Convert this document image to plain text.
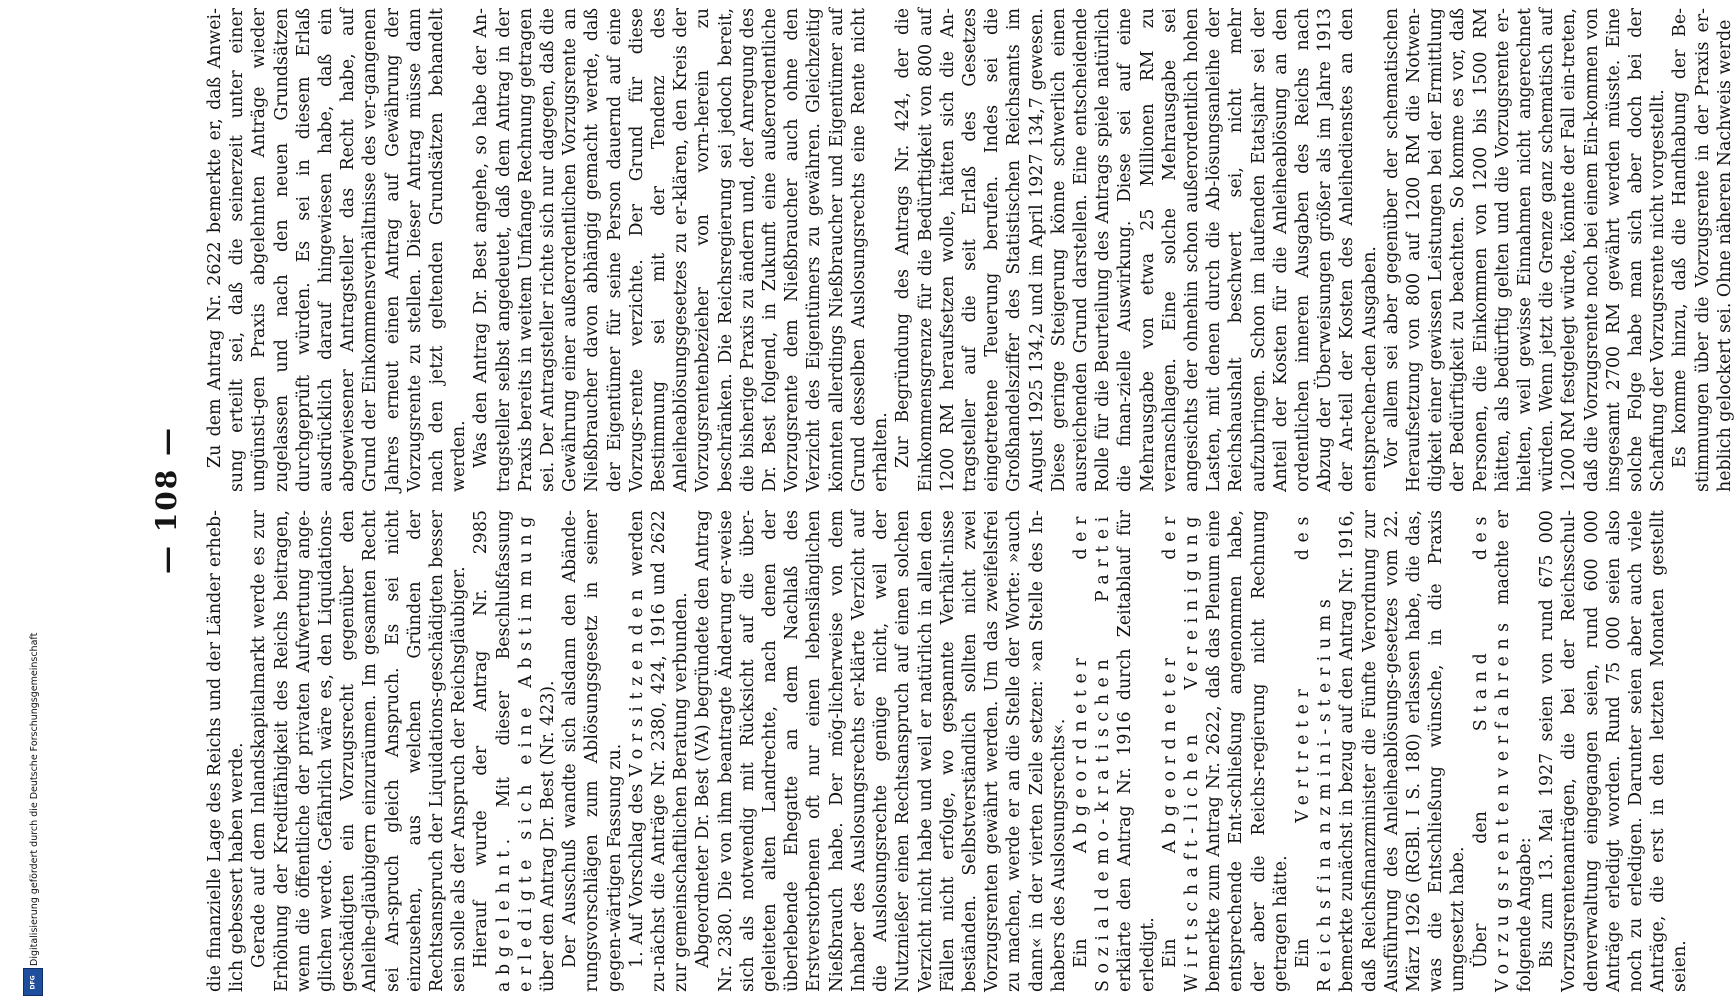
— 108 —

die finanzielle Lage des Reichs und der Länder erheb-lich gebessert haben werde. Gerade auf dem Inlandskapitalmarkt werde es zur Erhöhung der Kreditfähigkeit des Reichs beitragen, wenn die öffentliche der privaten Aufwertung ange-glichen werde. Gefährlich wäre es, den Liquidations-geschädigten ein Vorzugsrecht gegenüber den Anleihe-gläubigern einzuräumen. Im gesamten Recht sei An-spruch gleich Anspruch. Es sei nicht einzusehen, aus welchen Gründen der Rechtsanspruch der Liquidations-geschädigten besser sein solle als der Anspruch der Reichsgläubiger. Hierauf wurde der Antrag Nr. 2985 abgelehnt. Mit dieser Beschlußfassung erledigte sich eine Abstimmung über den Antrag Dr. Best (Nr. 423). Der Ausschuß wandte sich alsdann den Abände-rungsvorschlägen zum Ablösungsgesetz in seiner gegen-wärtigen Fassung zu. 1. Auf Vorschlag des Vorsitzenden werden zu-nächst die Anträge Nr. 2380, 424, 1916 und 2622 zur gemeinschaftlichen Beratung verbunden. Abgeordneter Dr. Best (VA) begründete den Antrag Nr. 2380. Die von ihm beantragte Änderung er-weise sich als notwendig mit Rücksicht auf die über-geleiteten alten Landrechte, nach denen der überlebende Ehegatte an dem Nachlaß des Erstverstorbenen oft nur einen lebenslänglichen Nießbrauch habe. Der mög-licherweise von dem Inhaber des Auslosungsrechts er-klärte Verzicht auf die Auslosungsrechte genüge nicht, weil der Nutznießer einen Rechtsanspruch auf einen solchen Verzicht nicht habe und weil er natürlich in allen den Fällen nicht erfolge, wo gespannte Verhält-nisse beständen. Selbstverständlich sollten nicht zwei Vorzugsrenten gewährt werden. Um das zweifelsfrei zu machen, werde er an die Stelle der Worte: »auch dann« in der vierten Zeile setzen: »an Stelle des In-habers des Auslosungsrechts«. Ein Abgeordneter der Sozialdemo-kratischen Partei erklärte den Antrag Nr. 1916 durch Zeitablauf für erledigt. Ein Abgeordneter der Wirtschaft-lichen Vereinigung bemerkte zum Antrag Nr. 2622, daß das Plenum eine entsprechende Ent-schließung angenommen habe, der aber die Reichs-regierung nicht Rechnung getragen hätte. Ein Vertreter des Reichsfinanzmini-steriums bemerkte zunächst in bezug auf den Antrag Nr. 1916, daß Reichsfinanzminister die Fünfte Verordnung zur Ausführung des Anleiheablösungs-gesetzes vom 22. März 1926 (RGBl. I S. 180) erlassen habe, die das, was die Entschließung wünsche, in die Praxis umgesetzt habe. Über den Stand des Vorzugsrentenverfahrens machte er folgende Angabe: Bis zum 13. Mai 1927 seien von rund 675 000 Vorzugsrentenanträgen, die bei der Reichsschul-denverwaltung eingegangen seien, rund 600 000 Anträge erledigt worden. Rund 75 000 seien also noch zu erledigen. Darunter seien aber auch viele Anträge, die erst in den letzten Monaten gestellt seien.

Zu dem Antrag Nr. 2622 bemerkte er, daß Anwei-sung erteilt sei, daß die seinerzeit unter einer ungünsti-gen Praxis abgelehnten Anträge wieder zugelassen und nach den neuen Grundsätzen durchgeprüft würden. Es sei in diesem Erlaß ausdrücklich darauf hingewiesen habe, daß ein abgewiesener Antragsteller das Recht habe, auf Grund der Einkommensverhältnisse des ver-gangenen Jahres erneut einen Antrag auf Gewährung der Vorzugsrente zu stellen. Dieser Antrag müsse dann nach den jetzt geltenden Grundsätzen behandelt werden. Was den Antrag Dr. Best angehe, so habe der An-tragsteller selbst angedeutet, daß dem Antrag in der Praxis bereits in weitem Umfange Rechnung getragen sei. Der Antragsteller richte sich nur dagegen, daß die Gewährung einer außerordentlichen Vorzugsrente an Nießbraucher davon abhängig gemacht werde, daß der Eigentümer für seine Person dauernd auf eine Vorzugs-rente verzichte. Der Grund für diese Bestimmung sei mit der Tendenz des Anleiheablösungsgesetzes zu er-klären, den Kreis der Vorzugsrentenbezieher von vorn-herein zu beschränken. Die Reichsregierung sei jedoch bereit, die bisherige Praxis zu ändern und, der Anregung des Dr. Best folgend, in Zukunft eine außerordentliche Vorzugsrente dem Nießbraucher auch ohne den Verzicht des Eigentümers zu gewähren. Gleichzeitig könnten allerdings Nießbraucher und Eigentümer auf Grund desselben Auslosungsrechts eine Rente nicht erhalten. Zur Begründung des Antrags Nr. 424, der die Einkommensgrenze für die Bedürftigkeit von 800 auf 1200 RM heraufsetzen wolle, hätten sich die An-tragsteller auf die seit Erlaß des Gesetzes eingetretene Teuerung berufen. Indes sei die Großhandelsziffer des Statistischen Reichsamts im August 1925 134,2 und im April 1927 134,7 gewesen. Diese geringe Steigerung könne schwerlich einen ausreichenden Grund darstellen. Eine entscheidende Rolle für die Beurteilung des Antrags spiele natürlich die finan-zielle Auswirkung. Diese sei auf eine Mehrausgabe von etwa 25 Millionen RM zu veranschlagen. Eine solche Mehrausgabe sei angesichts der ohnehin schon außerordentlich hohen Lasten, mit denen durch die Ab-lösungsanleihe der Reichshaushalt beschwert sei, nicht mehr aufzubringen. Schon im laufenden Etatsjahr sei der Anteil der Kosten für die Anleiheablösung an den ordentlichen inneren Ausgaben des Reichs nach Abzug der Überweisungen größer als im Jahre 1913 der An-teil der Kosten des Anleihedienstes an den entsprechen-den Ausgaben. Vor allem sei aber gegenüber der schematischen Heraufsetzung von 800 auf 1200 RM die Notwen-digkeit einer gewissen Leistungen bei der Ermittlung der Bedürftigkeit zu beachten. So komme es vor, daß Personen, die Einkommen von 1200 bis 1500 RM hätten, als bedürftig gelten und die Vorzugsrente er-hielten, weil gewisse Einnahmen nicht angerechnet würden. Wenn jetzt die Grenze ganz schematisch auf 1200 RM festgelegt würde, könnte der Fall ein-treten, daß die Vorzugsrente noch bei einem Ein-kommen von insgesamt 2700 RM gewährt werden müsste. Eine solche Folge habe man sich aber doch bei der Schaffung der Vorzugsrente nicht vorgestellt. Es komme hinzu, daß die Handhabung der Be-stimmungen über die Vorzugsrente in der Praxis er-heblich gelockert sei. Ohne näheren Nachweis werde

Digitalisierung gefördert durch die Deutsche Forschungsgemeinschaft
DFG
